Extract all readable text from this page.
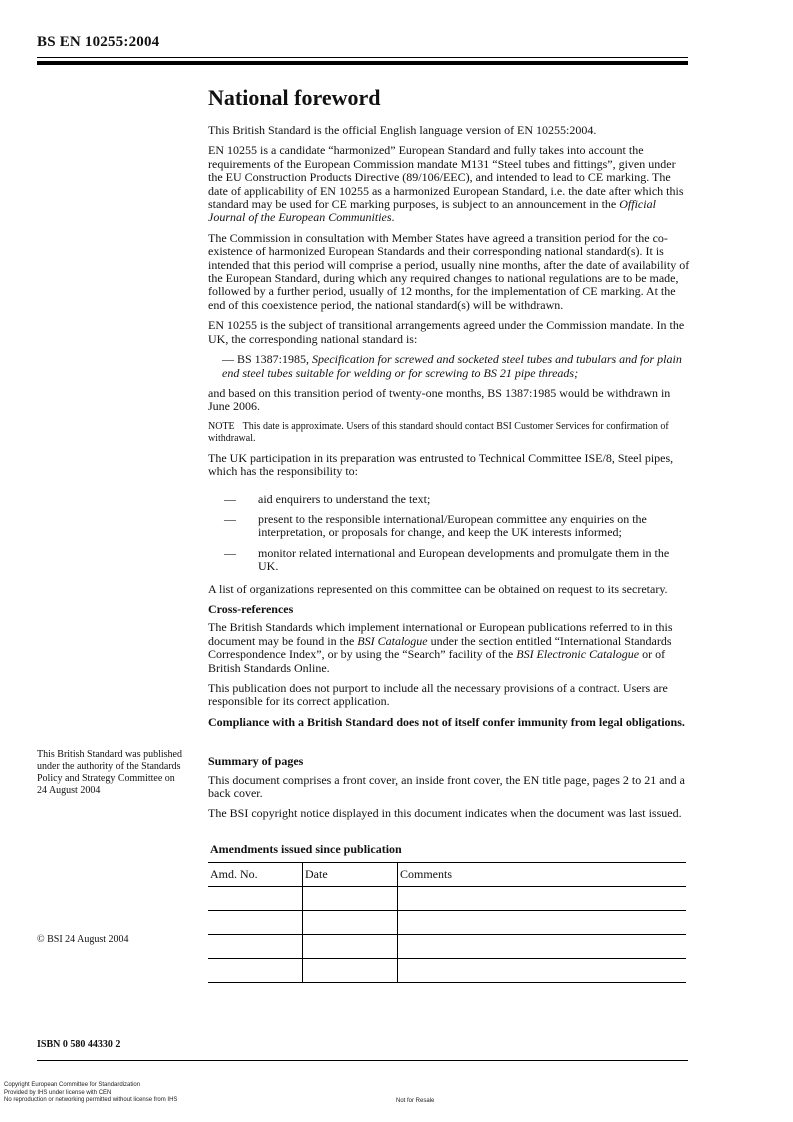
BS EN 10255:2004
National foreword

This British Standard is the official English language version of EN 10255:2004.

EN 10255 is a candidate “harmonized” European Standard and fully takes into account the requirements of the European Commission mandate M131 “Steel tubes and fittings”, given under the EU Construction Products Directive (89/106/EEC), and intended to lead to CE marking. The date of applicability of EN 10255 as a harmonized European Standard, i.e. the date after which this standard may be used for CE marking purposes, is subject to an announcement in the Official Journal of the European Communities.

The Commission in consultation with Member States have agreed a transition period for the co-existence of harmonized European Standards and their corresponding national standard(s). It is intended that this period will comprise a period, usually nine months, after the date of availability of the European Standard, during which any required changes to national regulations are to be made, followed by a further period, usually of 12 months, for the implementation of CE marking. At the end of this coexistence period, the national standard(s) will be withdrawn.

EN 10255 is the subject of transitional arrangements agreed under the Commission mandate. In the UK, the corresponding national standard is:

— BS 1387:1985, Specification for screwed and socketed steel tubes and tubulars and for plain end steel tubes suitable for welding or for screwing to BS 21 pipe threads;

and based on this transition period of twenty-one months, BS 1387:1985 would be withdrawn in June 2006.

NOTE This date is approximate. Users of this standard should contact BSI Customer Services for confirmation of withdrawal.

The UK participation in its preparation was entrusted to Technical Committee ISE/8, Steel pipes, which has the responsibility to:

—	aid enquirers to understand the text;
—	present to the responsible international/European committee any enquiries on the interpretation, or proposals for change, and keep the UK interests informed;
—	monitor related international and European developments and promulgate them in the UK.

A list of organizations represented on this committee can be obtained on request to its secretary.

Cross-references

The British Standards which implement international or European publications referred to in this document may be found in the BSI Catalogue under the section entitled “International Standards Correspondence Index”, or by using the “Search” facility of the BSI Electronic Catalogue or of British Standards Online.

This publication does not purport to include all the necessary provisions of a contract. Users are responsible for its correct application.

Compliance with a British Standard does not of itself confer immunity from legal obligations.

Summary of pages

This document comprises a front cover, an inside front cover, the EN title page, pages 2 to 21 and a back cover.

The BSI copyright notice displayed in this document indicates when the document was last issued.

Amendments issued since publication
Amd. No.	Date	Comments

This British Standard was published under the authority of the Standards Policy and Strategy Committee on 24 August 2004
© BSI 24 August 2004
ISBN 0 580 44330 2
Copyright European Committee for Standardization
Provided by IHS under license with CEN
No reproduction or networking permitted without license from IHS	Not for Resale
